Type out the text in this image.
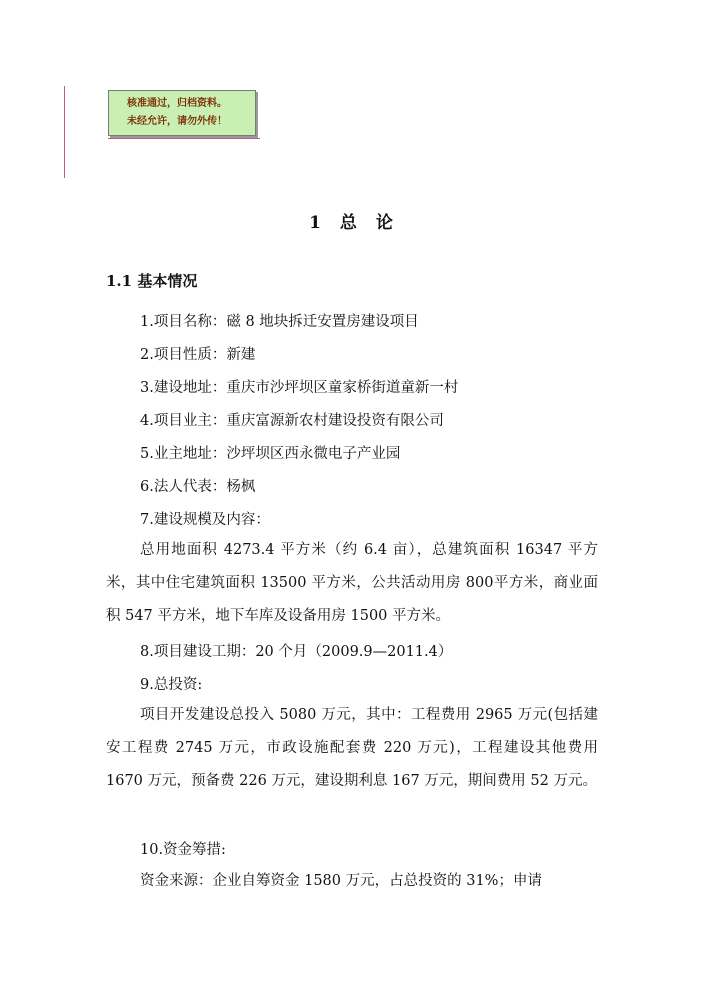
核准通过，归档资料。
未经允许，请勿外传！
1　总　论
1.1 基本情况
1.项目名称：磁 8 地块拆迁安置房建设项目
2.项目性质：新建
3.建设地址：重庆市沙坪坝区童家桥街道童新一村
4.项目业主：重庆富源新农村建设投资有限公司
5.业主地址：沙坪坝区西永微电子产业园
6.法人代表：杨枫
7.建设规模及内容：
总用地面积 4273.4 平方米（约 6.4 亩），总建筑面积 16347 平方米，其中住宅建筑面积 13500 平方米，公共活动用房 800平方米，商业面积 547 平方米，地下车库及设备用房 1500 平方米。
8.项目建设工期：20 个月（2009.9—2011.4）
9.总投资:
项目开发建设总投入 5080 万元，其中：工程费用 2965 万元(包括建安工程费 2745 万元，市政设施配套费 220 万元)，工程建设其他费用 1670 万元，预备费 226 万元，建设期利息 167 万元，期间费用 52 万元。
10.资金筹措:
资金来源：企业自筹资金 1580 万元，占总投资的 31%；申请
